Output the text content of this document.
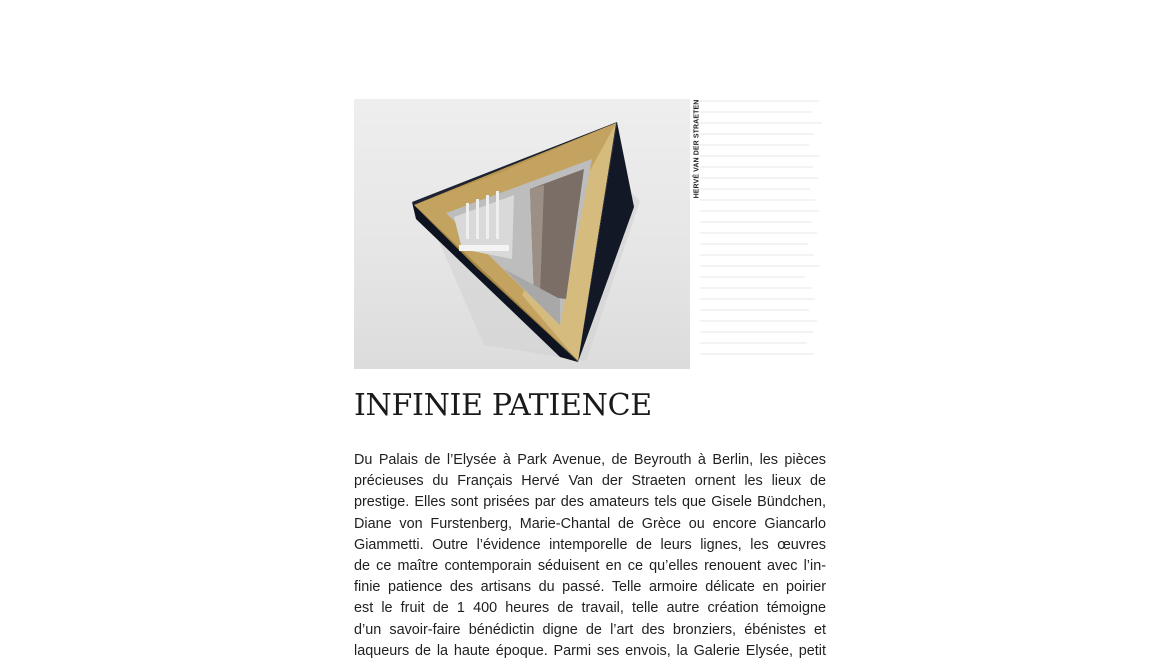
HERVÉ VAN DER STRAETEN
INFINIE PATIENCE
Du Palais de l’Elysée à Park Avenue, de Beyrouth à Berlin, les pièces
précieuses du Français Hervé Van der Straeten ornent les lieux de
prestige. Elles sont prisées par des amateurs tels que Gisele Bündchen,
Diane von Furstenberg, Marie-Chantal de Grèce ou encore Giancarlo
Giammetti. Outre l’évidence intemporelle de leurs lignes, les œuvres
de ce maître contemporain séduisent en ce qu’elles renouent avec l’in-
finie patience des artisans du passé. Telle armoire délicate en poirier
est le fruit de 1 400 heures de travail, telle autre création témoigne
d’un savoir-faire bénédictin digne de l’art des bronziers, ébénistes et
laqueurs de la haute époque. Parmi ses envois, la Galerie Elysée, petit
